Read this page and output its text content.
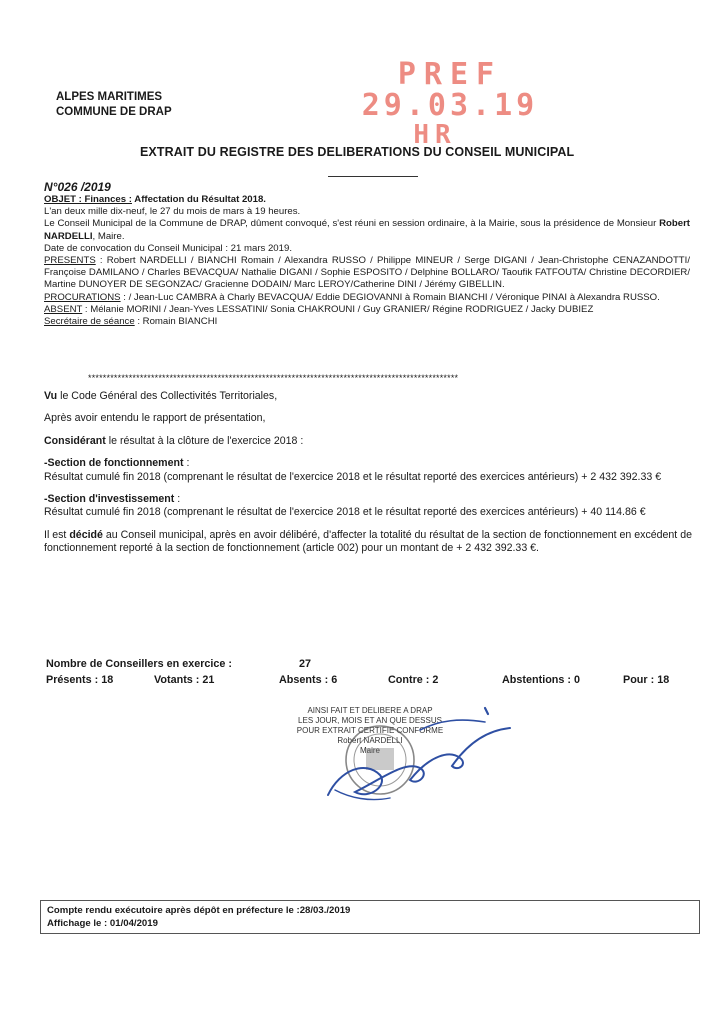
ALPES MARITIMES
COMMUNE DE DRAP
PREF
29.03.19
HR
EXTRAIT DU REGISTRE DES DELIBERATIONS DU CONSEIL MUNICIPAL
N°026 /2019
OBJET : Finances : Affectation du Résultat 2018.
L'an deux mille dix-neuf, le 27 du mois de mars à 19 heures.
Le Conseil Municipal de la Commune de DRAP, dûment convoqué, s'est réuni en session ordinaire, à la Mairie, sous la présidence de Monsieur Robert NARDELLI, Maire.
Date de convocation du Conseil Municipal : 21 mars 2019.
PRESENTS : Robert NARDELLI / BIANCHI Romain / Alexandra RUSSO / Philippe MINEUR / Serge DIGANI / Jean-Christophe CENAZANDOTTI/ Françoise DAMILANO / Charles BEVACQUA/ Nathalie DIGANI / Sophie ESPOSITO / Delphine BOLLARO/ Taoufik FATFOUTA/ Christine DECORDIER/ Martine DUNOYER DE SEGONZAC/ Gracienne DODAIN/ Marc LEROY/Catherine DINI / Jérémy GIBELLIN.
PROCURATIONS : / Jean-Luc CAMBRA à Charly BEVACQUA/ Eddie DEGIOVANNI à Romain BIANCHI / Véronique PINAI à Alexandra RUSSO.
ABSENT : Mélanie MORINI / Jean-Yves LESSATINI/ Sonia CHAKROUNI / Guy GRANIER/ Régine RODRIGUEZ / Jacky DUBIEZ
Secrétaire de séance : Romain BIANCHI
****************************************************************************************************
Vu le Code Général des Collectivités Territoriales,
Après avoir entendu le rapport de présentation,
Considérant le résultat à la clôture de l'exercice 2018 :
-Section de fonctionnement :
Résultat cumulé fin 2018 (comprenant le résultat de l'exercice 2018 et le résultat reporté des exercices antérieurs) + 2 432 392.33 €
-Section d'investissement :
Résultat cumulé fin 2018 (comprenant le résultat de l'exercice 2018 et le résultat reporté des exercices antérieurs) + 40 114.86 €
Il est décidé au Conseil municipal, après en avoir délibéré, d'affecter la totalité du résultat de la section de fonctionnement en excédent de fonctionnement reporté à la section de fonctionnement (article 002) pour un montant de + 2 432 392.33 €.
Nombre de Conseillers en exercice :	27
Présents : 18	Votants : 21	Absents : 6	Contre : 2	Abstentions : 0	Pour : 18
AINSI FAIT ET DELIBERE A DRAP
LES JOUR, MOIS ET AN QUE DESSUS
POUR EXTRAIT CERTIFIE CONFORME
Robert NARDELLI
Maire
Compte rendu exécutoire après dépôt en préfecture le :28/03./2019
Affichage le : 01/04/2019
